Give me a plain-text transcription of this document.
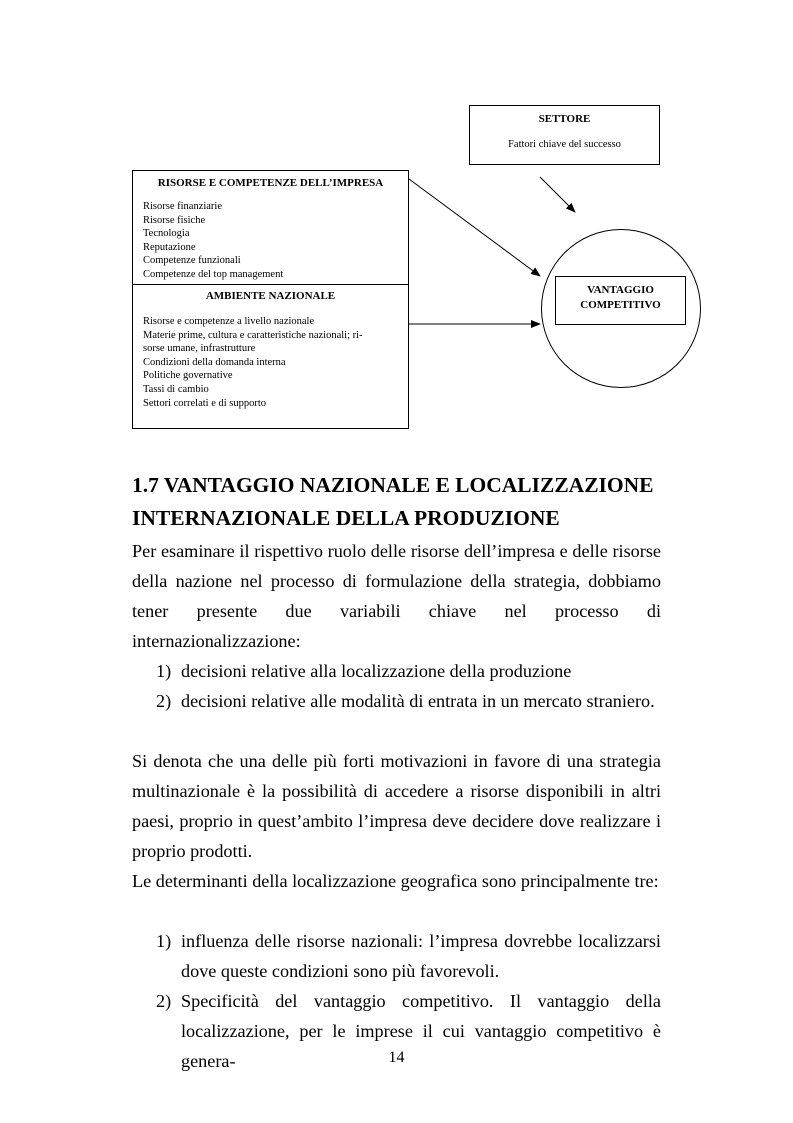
SETTORE
Fattori chiave del successo
RISORSE E COMPETENZE DELL’IMPRESA
Risorse finanziarie
Risorse fisiche
Tecnologia
Reputazione
Competenze funzionali
Competenze del top management
AMBIENTE NAZIONALE
Risorse e competenze a livello nazionale
Materie prime, cultura e caratteristiche nazionali; ri-
sorse umane, infrastrutture
Condizioni della domanda interna
Politiche governative
Tassi di cambio
Settori correlati e di supporto
VANTAGGIO
COMPETITIVO
1.7 VANTAGGIO NAZIONALE E LOCALIZZAZIONE
INTERNAZIONALE DELLA PRODUZIONE
Per esaminare il rispettivo ruolo delle risorse dell’impresa e delle risorse della nazione nel processo di formulazione della strategia, dobbiamo tener presente due variabili chiave nel processo di internazionalizzazione:
1) decisioni relative alla localizzazione della produzione
2) decisioni relative alle modalità di entrata in un mercato straniero.
Si denota che una delle più forti motivazioni in favore di una strategia multinazionale è la possibilità di accedere a risorse disponibili in altri paesi, proprio in quest’ambito l’impresa deve decidere dove realizzare i proprio prodotti.
Le determinanti della localizzazione geografica sono principalmente tre:
1) influenza delle risorse nazionali: l’impresa dovrebbe localizzarsi dove queste condizioni sono più favorevoli.
2) Specificità del vantaggio competitivo. Il vantaggio della localizzazione, per le imprese il cui vantaggio competitivo è genera-	14
